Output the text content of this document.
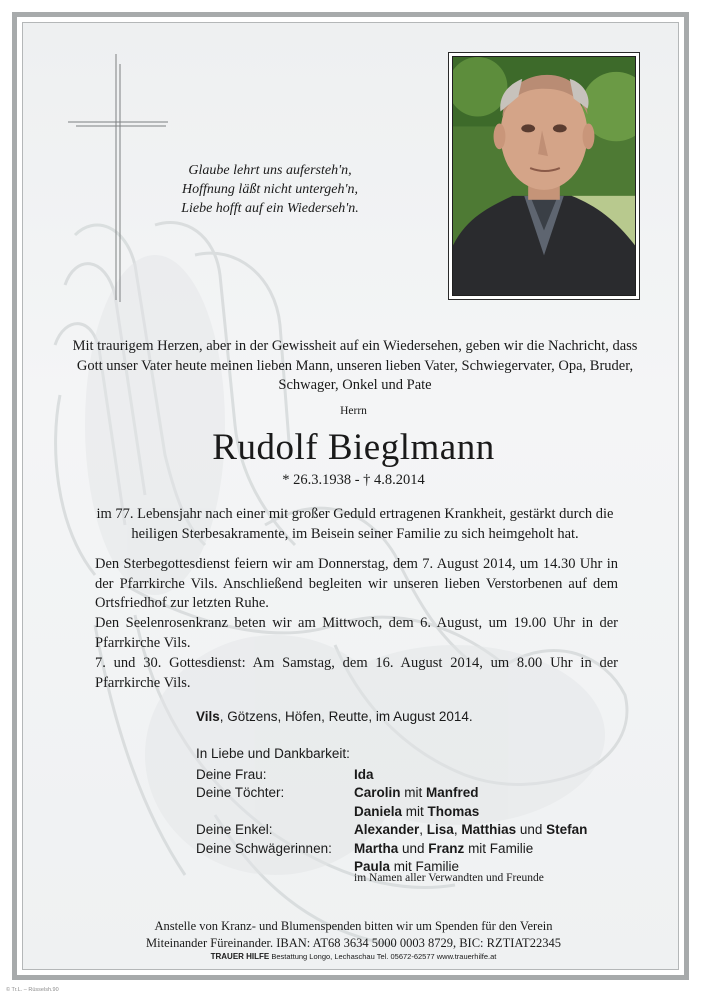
Glaube lehrt uns aufersteh'n,
Hoffnung läßt nicht untergeh'n,
Liebe hofft auf ein Wiederseh'n.
Mit traurigem Herzen, aber in der Gewissheit auf ein Wiedersehen, geben wir die Nachricht, dass Gott unser Vater heute meinen lieben Mann, unseren lieben Vater, Schwiegervater, Opa, Bruder, Schwager, Onkel und Pate
Herrn
Rudolf Bieglmann
* 26.3.1938 - † 4.8.2014
im 77. Lebensjahr nach einer mit großer Geduld ertragenen Krankheit, gestärkt durch die heiligen Sterbesakramente, im Beisein seiner Familie zu sich heimgeholt hat.
Den Sterbegottesdienst feiern wir am Donnerstag, dem 7. August 2014, um 14.30 Uhr in der Pfarrkirche Vils. Anschließend begleiten wir unseren lieben Verstorbenen auf dem Ortsfriedhof zur letzten Ruhe.
Den Seelenrosenkranz beten wir am Mittwoch, dem 6. August, um 19.00 Uhr in der Pfarrkirche Vils.
7. und 30. Gottesdienst: Am Samstag, dem 16. August 2014, um 8.00 Uhr in der Pfarrkirche Vils.
Vils, Götzens, Höfen, Reutte, im August 2014.
In Liebe und Dankbarkeit:
Deine Frau:	Ida
Deine Töchter:	Carolin mit Manfred
Daniela mit Thomas
Deine Enkel:	Alexander, Lisa, Matthias und Stefan
Deine Schwägerinnen:	Martha und Franz mit Familie
Paula mit Familie
im Namen aller Verwandten und Freunde
Anstelle von Kranz- und Blumenspenden bitten wir um Spenden für den Verein
Miteinander Füreinander. IBAN: AT68 3634 5000 0003 8729, BIC: RZTIAT22345
TRAUER HILFE Bestattung Longo, Lechaschau Tel. 05672-62577 www.trauerhilfe.at
© Tr.L. – Rüsselsh.90
